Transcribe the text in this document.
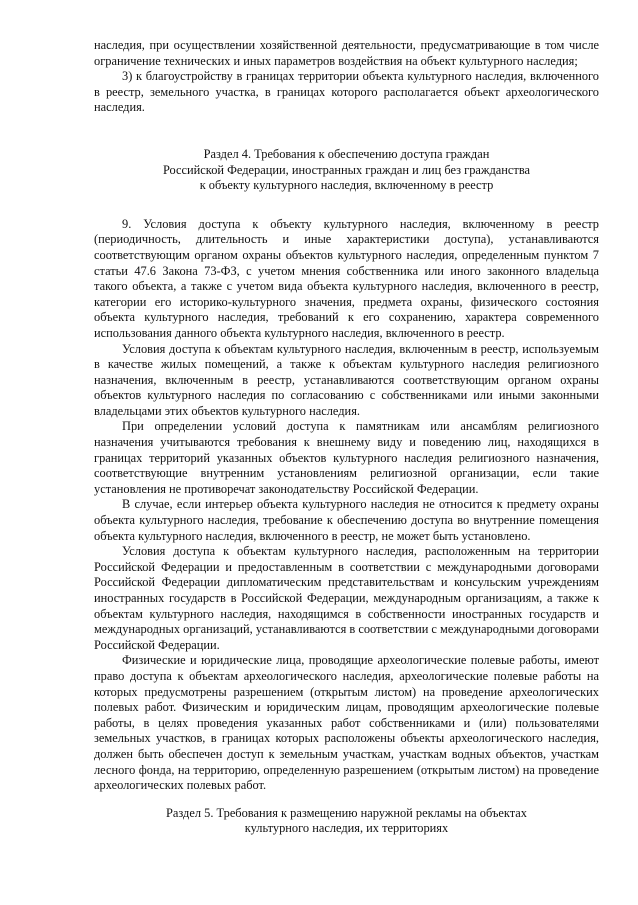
наследия, при осуществлении хозяйственной деятельности, предусматривающие в том числе ограничение технических и иных параметров воздействия на объект культурного наследия;

3) к благоустройству в границах территории объекта культурного наследия, включенного в реестр, земельного участка, в границах которого располагается объект археологического наследия.

Раздел 4. Требования к обеспечению доступа граждан
Российской Федерации, иностранных граждан и лиц без гражданства
к объекту культурного наследия, включенному в реестр

9. Условия доступа к объекту культурного наследия, включенному в реестр (периодичность, длительность и иные характеристики доступа), устанавливаются соответствующим органом охраны объектов культурного наследия, определенным пунктом 7 статьи 47.6 Закона 73-ФЗ, с учетом мнения собственника или иного законного владельца такого объекта, а также с учетом вида объекта культурного наследия, включенного в реестр, категории его историко-культурного значения, предмета охраны, физического состояния объекта культурного наследия, требований к его сохранению, характера современного использования данного объекта культурного наследия, включенного в реестр.

Условия доступа к объектам культурного наследия, включенным в реестр, используемым в качестве жилых помещений, а также к объектам культурного наследия религиозного назначения, включенным в реестр, устанавливаются соответствующим органом охраны объектов культурного наследия по согласованию с собственниками или иными законными владельцами этих объектов культурного наследия.

При определении условий доступа к памятникам или ансамблям религиозного назначения учитываются требования к внешнему виду и поведению лиц, находящихся в границах территорий указанных объектов культурного наследия религиозного назначения, соответствующие внутренним установлениям религиозной организации, если такие установления не противоречат законодательству Российской Федерации.

В случае, если интерьер объекта культурного наследия не относится к предмету охраны объекта культурного наследия, требование к обеспечению доступа во внутренние помещения объекта культурного наследия, включенного в реестр, не может быть установлено.

Условия доступа к объектам культурного наследия, расположенным на территории Российской Федерации и предоставленным в соответствии с международными договорами Российской Федерации дипломатическим представительствам и консульским учреждениям иностранных государств в Российской Федерации, международным организациям, а также к объектам культурного наследия, находящимся в собственности иностранных государств и международных организаций, устанавливаются в соответствии с международными договорами Российской Федерации.

Физические и юридические лица, проводящие археологические полевые работы, имеют право доступа к объектам археологического наследия, археологические полевые работы на которых предусмотрены разрешением (открытым листом) на проведение археологических полевых работ. Физическим и юридическим лицам, проводящим археологические полевые работы, в целях проведения указанных работ собственниками и (или) пользователями земельных участков, в границах которых расположены объекты археологического наследия, должен быть обеспечен доступ к земельным участкам, участкам водных объектов, участкам лесного фонда, на территорию, определенную разрешением (открытым листом) на проведение археологических полевых работ.

Раздел 5. Требования к размещению наружной рекламы на объектах
культурного наследия, их территориях
